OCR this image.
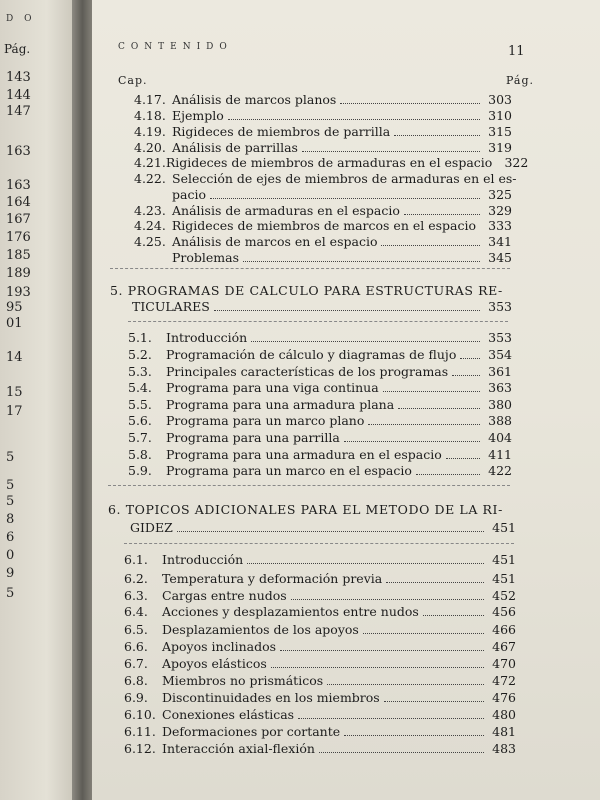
D O
Pág.
143
144
147
163
163
164
167
176
185
189
193
95
01
14
15
17
5
5
5
8
6
0
9
5
CONTENIDO	11
Cap.	Pág.
4.17. Análisis de marcos planos	303
4.18. Ejemplo	310
4.19. Rigideces de miembros de parrilla	315
4.20. Análisis de parrillas	319
4.21. Rigideces de miembros de armaduras en el espacio 322
4.22. Selección de ejes de miembros de armaduras en el es-
pacio	325
4.23. Análisis de armaduras en el espacio	329
4.24. Rigideces de miembros de marcos en el espacio 333
4.25. Análisis de marcos en el espacio	341
Problemas	345
5. PROGRAMAS DE CALCULO PARA ESTRUCTURAS RE-
TICULARES	353
5.1.	Introducción	353
5.2.	Programación de cálculo y diagramas de flujo	354
5.3.	Principales características de los programas	361
5.4.	Programa para una viga continua	363
5.5.	Programa para una armadura plana	380
5.6.	Programa para un marco plano	388
5.7.	Programa para una parrilla	404
5.8.	Programa para una armadura en el espacio	411
5.9.	Programa para un marco en el espacio	422
6. TOPICOS ADICIONALES PARA EL METODO DE LA RI-
GIDEZ	451
6.1.	Introducción	451
6.2.	Temperatura y deformación previa	451
6.3.	Cargas entre nudos	452
6.4.	Acciones y desplazamientos entre nudos	456
6.5.	Desplazamientos de los apoyos	466
6.6.	Apoyos inclinados	467
6.7.	Apoyos elásticos	470
6.8.	Miembros no prismáticos	472
6.9.	Discontinuidades en los miembros	476
6.10. Conexiones elásticas	480
6.11. Deformaciones por cortante	481
6.12. Interacción axial-flexión	483
